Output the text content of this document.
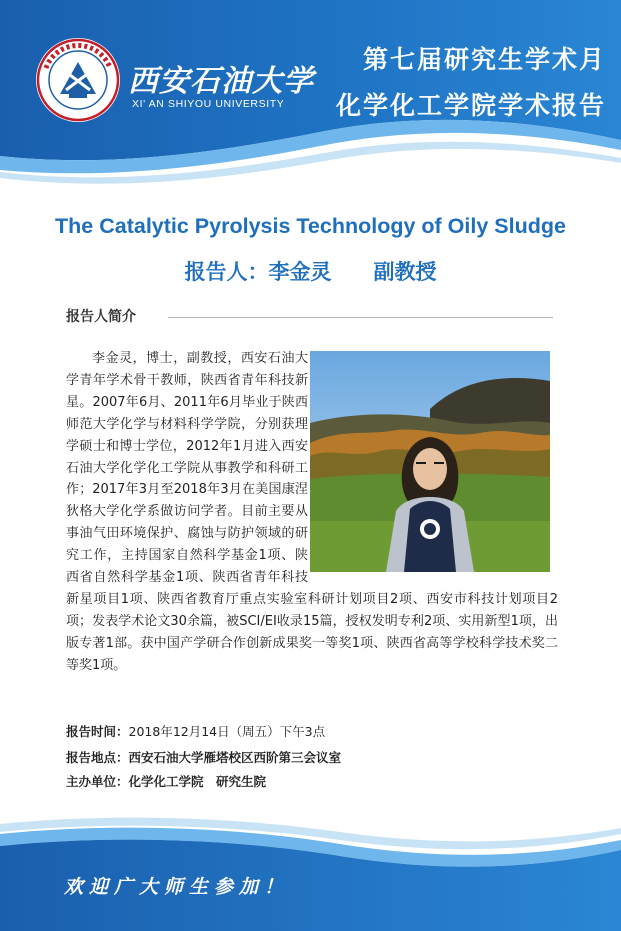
西安石油大学
XI' AN SHIYOU UNIVERSITY
第七届研究生学术月
化学化工学院学术报告
The Catalytic Pyrolysis Technology of Oily Sludge
报告人：李金灵　　 副教授
报告人简介

李金灵，博士，副教授，西安石油大学青年学术骨干教师，陕西省青年科技新星。2007年6月、2011年6月毕业于陕西师范大学化学与材料科学学院，分别获理学硕士和博士学位，2012年1月进入西安石油大学化学化工学院从事教学和科研工作；2017年3月至2018年3月在美国康涅狄格大学化学系做访问学者。目前主要从事油气田环境保护、腐蚀与防护领域的研究工作，主持国家自然科学基金1项、陕西省自然科学基金1项、陕西省青年科技新星项目1项、陕西省教育厅重点实验室科研计划项目2项、西安市科技计划项目2项；发表学术论文30余篇，被SCI/EI收录15篇，授权发明专利2项、实用新型1项，出版专著1部。获中国产学研合作创新成果奖一等奖1项、陕西省高等学校科学技术奖二等奖1项。

报告时间：2018年12月14日（周五）下午3点
报告地点：西安石油大学雁塔校区西阶第三会议室
主办单位：化学化工学院　研究生院
欢迎广大师生参加！
